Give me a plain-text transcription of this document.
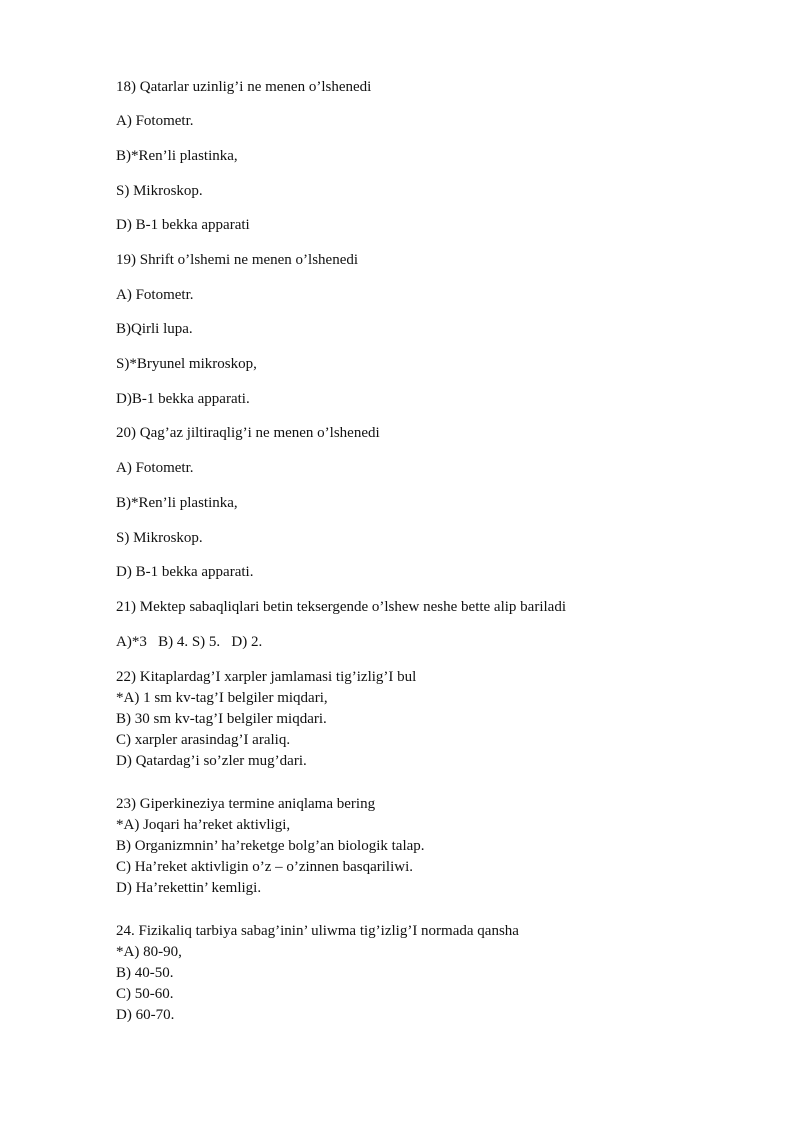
18) Qatarlar uzinlig’i ne menen o’lshenedi
A) Fotometr.
B)*Ren’li plastinka,
S) Mikroskop.
D) B-1 bekka apparati
19) Shrift o’lshemi ne menen o’lshenedi
A) Fotometr.
B)Qirli lupa.
S)*Bryunel mikroskop,
D)B-1 bekka apparati.
20) Qag’az jiltiraqlig’i ne menen o’lshenedi
A) Fotometr.
B)*Ren’li plastinka,
S) Mikroskop.
D) B-1 bekka apparati.
21) Mektep sabaqliqlari betin teksergende o’lshew neshe bette alip bariladi
A)*3   B) 4. S) 5.   D) 2.
22) Kitaplardag’I xarpler jamlamasi tig’izlig’I bul
*A) 1 sm kv-tag’I belgiler miqdari,
B) 30 sm kv-tag’I belgiler miqdari.
C) xarpler arasindag’I araliq.
D) Qatardag’i so’zler mug’dari.
23) Giperkineziya termine aniqlama bering
*A) Joqari ha’reket aktivligi,
B) Organizmnin’ ha’reketge bolg’an biologik talap.
C) Ha’reket aktivligin o’z – o’zinnen basqariliwi.
D) Ha’rekettin’ kemligi.
24. Fizikaliq tarbiya sabag’inin’ uliwma tig’izlig’I normada qansha
*A) 80-90,
B) 40-50.
C) 50-60.
D) 60-70.
